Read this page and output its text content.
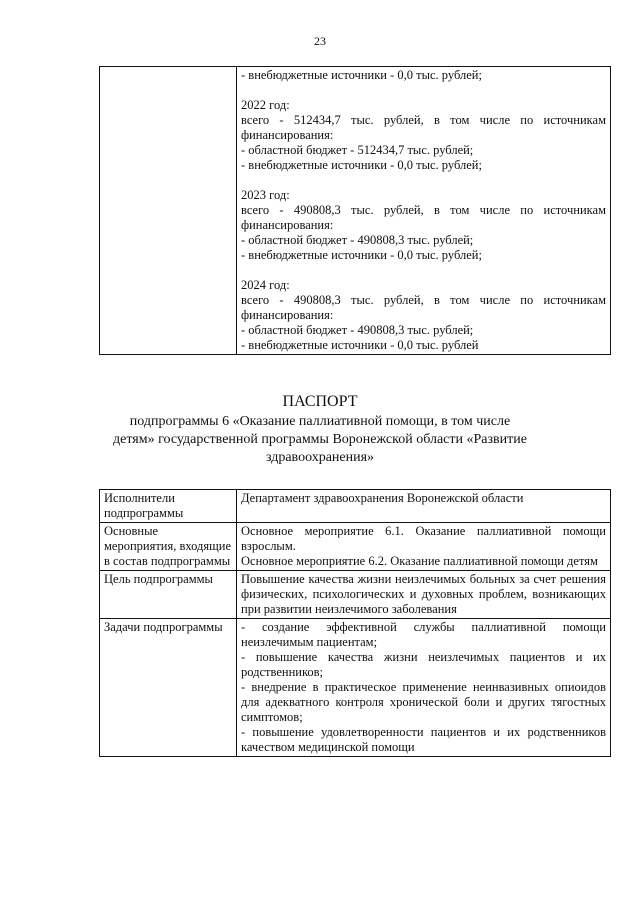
23

- внебюджетные источники - 0,0 тыс. рублей;
2022 год:
всего - 512434,7 тыс. рублей, в том числе по источникам финансирования:
- областной бюджет - 512434,7 тыс. рублей;
- внебюджетные источники - 0,0 тыс. рублей;
2023 год:
всего - 490808,3 тыс. рублей, в том числе по источникам финансирования:
- областной бюджет - 490808,3 тыс. рублей;
- внебюджетные источники - 0,0 тыс. рублей;
2024 год:
всего - 490808,3 тыс. рублей, в том числе по источникам финансирования:
- областной бюджет - 490808,3 тыс. рублей;
- внебюджетные источники - 0,0 тыс. рублей
ПАСПОРТ
подпрограммы 6 «Оказание паллиативной помощи, в том числе детям» государственной программы Воронежской области «Развитие здравоохранения»
Исполнители подпрограммы	Департамент здравоохранения Воронежской области

Основные мероприятия, входящие в состав подпрограммы	Основное мероприятие 6.1. Оказание паллиативной помощи взрослым.
Основное мероприятие 6.2. Оказание паллиативной помощи детям

Цель подпрограммы	Повышение качества жизни неизлечимых больных за счет решения физических, психологических и духовных проблем, возникающих при развитии неизлечимого заболевания

Задачи подпрограммы	- создание эффективной службы паллиативной помощи неизлечимым пациентам;
- повышение качества жизни неизлечимых пациентов и их родственников;
- внедрение в практическое применение неинвазивных опиоидов для адекватного контроля хронической боли и других тягостных симптомов;
- повышение удовлетворенности пациентов и их родственников качеством медицинской помощи
